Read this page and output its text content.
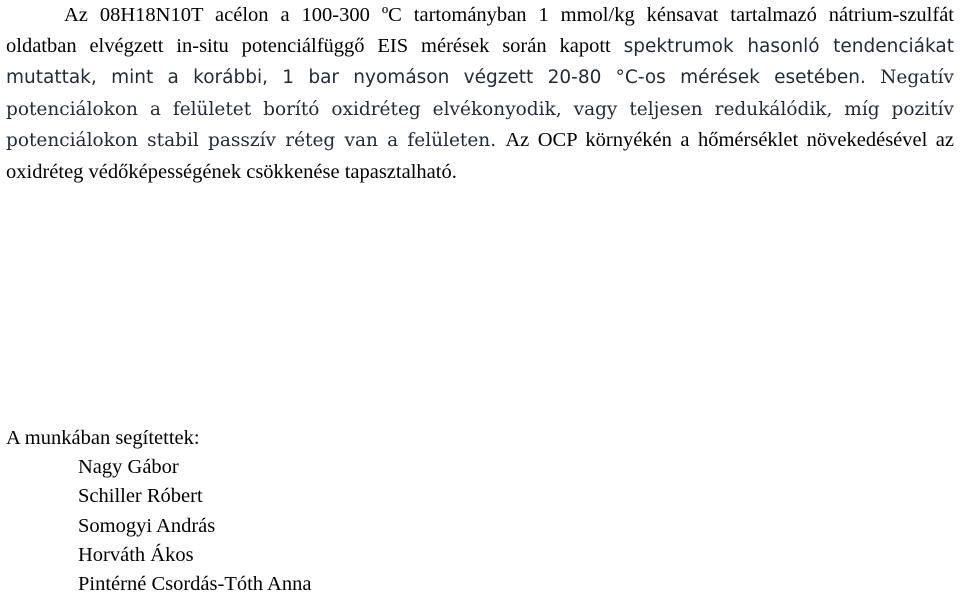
Az 08H18N10T acélon a 100-300 ºC tartományban 1 mmol/kg kénsavat tartalmazó nátrium-szulfát oldatban elvégzett in-situ potenciálfüggő EIS mérések során kapott spektrumok hasonló tendenciákat mutattak, mint a korábbi, 1 bar nyomáson végzett 20-80 °C-os mérések esetében. Negatív potenciálokon a felületet borító oxidréteg elvékonyodik, vagy teljesen redukálódik, míg pozitív potenciálokon stabil passzív réteg van a felületen. Az OCP környékén a hőmérséklet növekedésével az oxidréteg védőképességének csökkenése tapasztalható.

A munkában segítettek:
Nagy Gábor
Schiller Róbert
Somogyi András
Horváth Ákos
Pintérné Csordás-Tóth Anna
